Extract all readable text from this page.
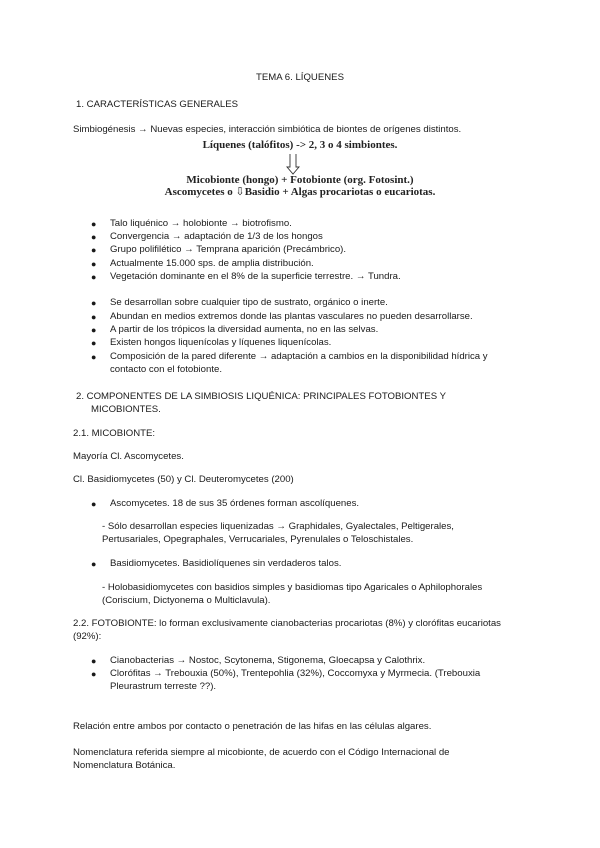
TEMA 6. LÍQUENES
1. CARACTERÍSTICAS GENERALES
Simbiogénesis → Nuevas especies, interacción simbiótica de biontes de orígenes distintos.
Líquenes (talófitos) -> 2, 3 o 4 simbiontes.
Micobionte (hongo) + Fotobionte (org. Fotosint.)
Ascomycetes o ⇩Basidio + Algas procariotas o eucariotas.
● Talo liquénico → holobionte → biotrofismo.
● Convergencia → adaptación de 1/3 de los hongos
● Grupo polifilético → Temprana aparición (Precámbrico).
● Actualmente 15.000 sps. de amplia distribución.
● Vegetación dominante en el 8% de la superficie terrestre. → Tundra.
● Se desarrollan sobre cualquier tipo de sustrato, orgánico o inerte.
● Abundan en medios extremos donde las plantas vasculares no pueden desarrollarse.
● A partir de los trópicos la diversidad aumenta, no en las selvas.
● Existen hongos liquenícolas y líquenes liquenícolas.
● Composición de la pared diferente → adaptación a cambios en la disponibilidad hídrica y
contacto con el fotobionte.
2. COMPONENTES DE LA SIMBIOSIS LIQUÉNICA: PRINCIPALES FOTOBIONTES Y
MICOBIONTES.
2.1. MICOBIONTE:
Mayoría Cl. Ascomycetes.
Cl. Basidiomycetes (50) y Cl. Deuteromycetes (200)
● Ascomycetes. 18 de sus 35 órdenes forman ascolíquenes.
- Sólo desarrollan especies liquenizadas → Graphidales, Gyalectales, Peltigerales,
Pertusariales, Opegraphales, Verrucariales, Pyrenulales o Teloschistales.
● Basidiomycetes. Basidiolíquenes sin verdaderos talos.
- Holobasidiomycetes con basidios simples y basidiomas tipo Agaricales o Aphilophorales
(Coriscium, Dictyonema o Multiclavula).
2.2. FOTOBIONTE: lo forman exclusivamente cianobacterias procariotas (8%) y clorófitas eucariotas
(92%):
● Cianobacterias → Nostoc, Scytonema, Stigonema, Gloecapsa y Calothrix.
● Clorófitas → Trebouxia (50%), Trentepohlia (32%), Coccomyxa y Myrmecia. (Trebouxia
Pleurastrum terreste ??).
Relación entre ambos por contacto o penetración de las hifas en las células algares.
Nomenclatura referida siempre al micobionte, de acuerdo con el Código Internacional de
Nomenclatura Botánica.
